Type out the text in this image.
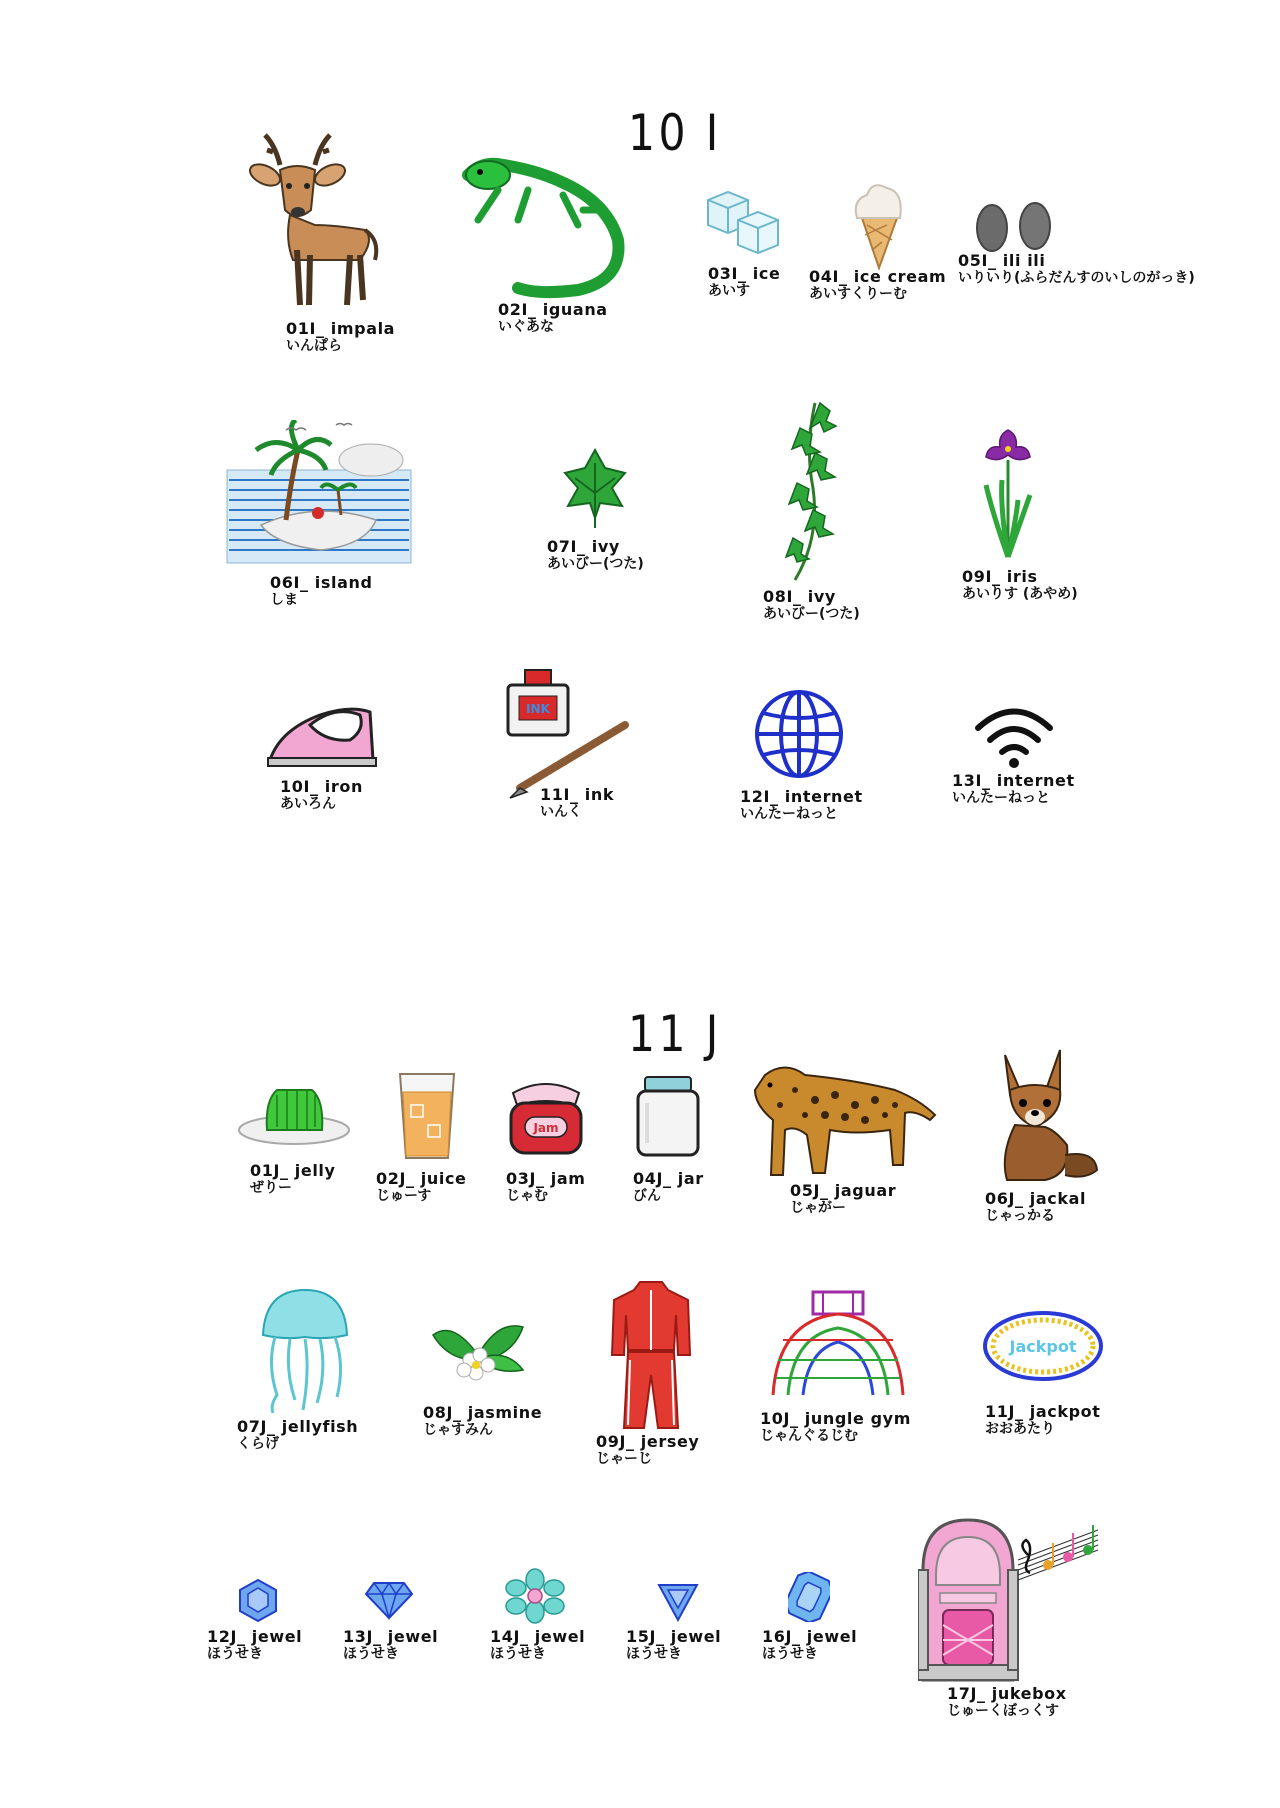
10 I
11 J
01I_ impala
いんぱら
02I_ iguana
いぐあな
03I_ ice
あいす
04I_ ice cream
あいすくりーむ
05I_ ili ili
いりいり(ふらだんすのいしのがっき)
06I_ island
しま
07I_ ivy
あいびー(つた)
08I_ ivy
あいびー(つた)
09I_ iris
あいりす (あやめ)
10I_ iron
あいろん
INK
11I_ ink
いんく
12I_ internet
いんたーねっと
13I_ internet
いんたーねっと
01J_ jelly
ぜりー
02J_ juice
じゅーす
Jam
03J_ jam
じゃむ
04J_ jar
びん	05J_ jaguar
じゃがー
06J_ jackal
じゃっかる
07J_ jellyfish
くらげ
08J_ jasmine
じゃすみん
09J_ jersey
じゃーじ
10J_ jungle gym
じゃんぐるじむ
Jackpot
11J_ jackpot
おおあたり
12J_ jewel
ほうせき
13J_ jewel
ほうせき
14J_ jewel
ほうせき
15J_ jewel
ほうせき
16J_ jewel
ほうせき
17J_ jukebox
じゅーくぼっくす
